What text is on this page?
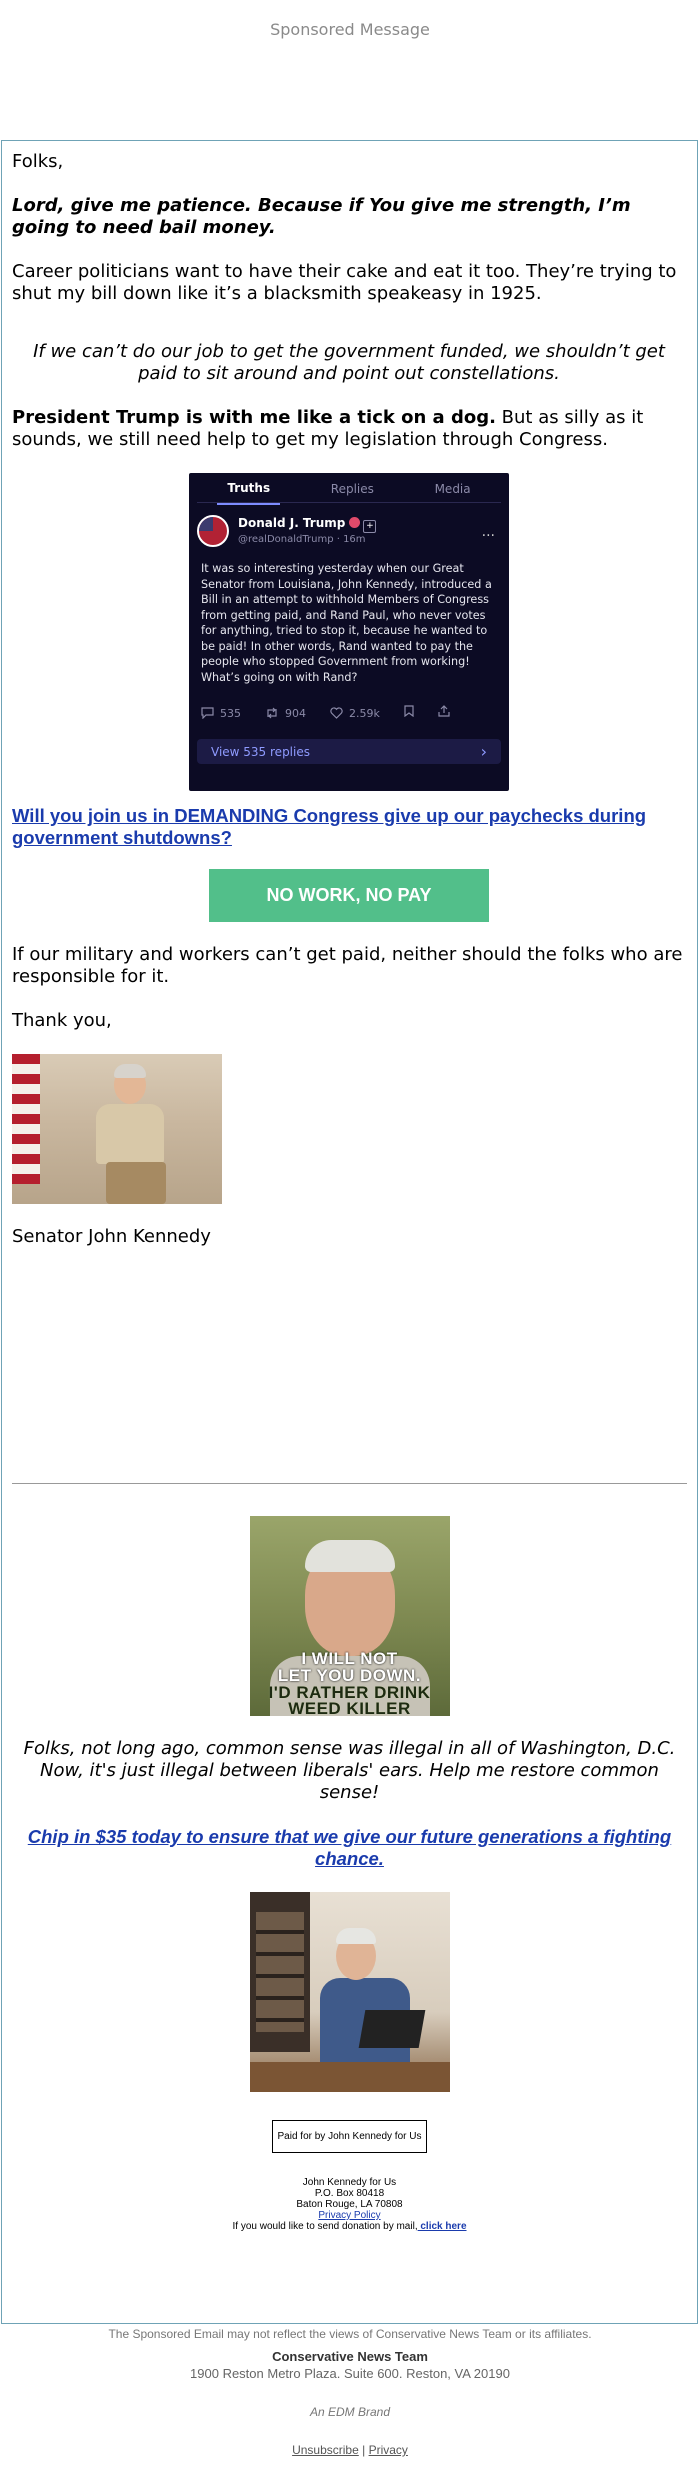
Sponsored Message

Folks,

Lord, give me patience. Because if You give me strength, I’m going to need bail money.

Career politicians want to have their cake and eat it too. They’re trying to shut my bill down like it’s a blacksmith speakeasy in 1925.

If we can’t do our job to get the government funded, we shouldn’t get paid to sit around and point out constellations.

President Trump is with me like a tick on a dog. But as silly as it sounds, we still need help to get my legislation through Congress.

Truths	Replies	Media
Donald J. Trump +
@realDonaldTrump · 16m	···
It was so interesting yesterday when our Great Senator from Louisiana, John Kennedy, introduced a Bill in an attempt to withhold Members of Congress from getting paid, and Rand Paul, who never votes for anything, tried to stop it, because he wanted to be paid! In other words, Rand wanted to pay the people who stopped Government from working! What’s going on with Rand?
535	904	2.59k
View 535 replies	›

Will you join us in DEMANDING Congress give up our paychecks during government shutdowns?

NO WORK, NO PAY

If our military and workers can’t get paid, neither should the folks who are responsible for it.

Thank you,

Senator John Kennedy

I WILL NOT
LET YOU DOWN.
I'D RATHER DRINK
WEED KILLER

Folks, not long ago, common sense was illegal in all of Washington, D.C. Now, it's just illegal between liberals' ears. Help me restore common sense!

Chip in $35 today to ensure that we give our future generations a fighting chance.

Paid for by John Kennedy for Us
John Kennedy for Us
P.O. Box 80418
Baton Rouge, LA 70808
Privacy Policy
If you would like to send donation by mail, click here
The Sponsored Email may not reflect the views of Conservative News Team or its affiliates.
Conservative News Team
1900 Reston Metro Plaza. Suite 600. Reston, VA 20190
An EDM Brand
Unsubscribe | Privacy
